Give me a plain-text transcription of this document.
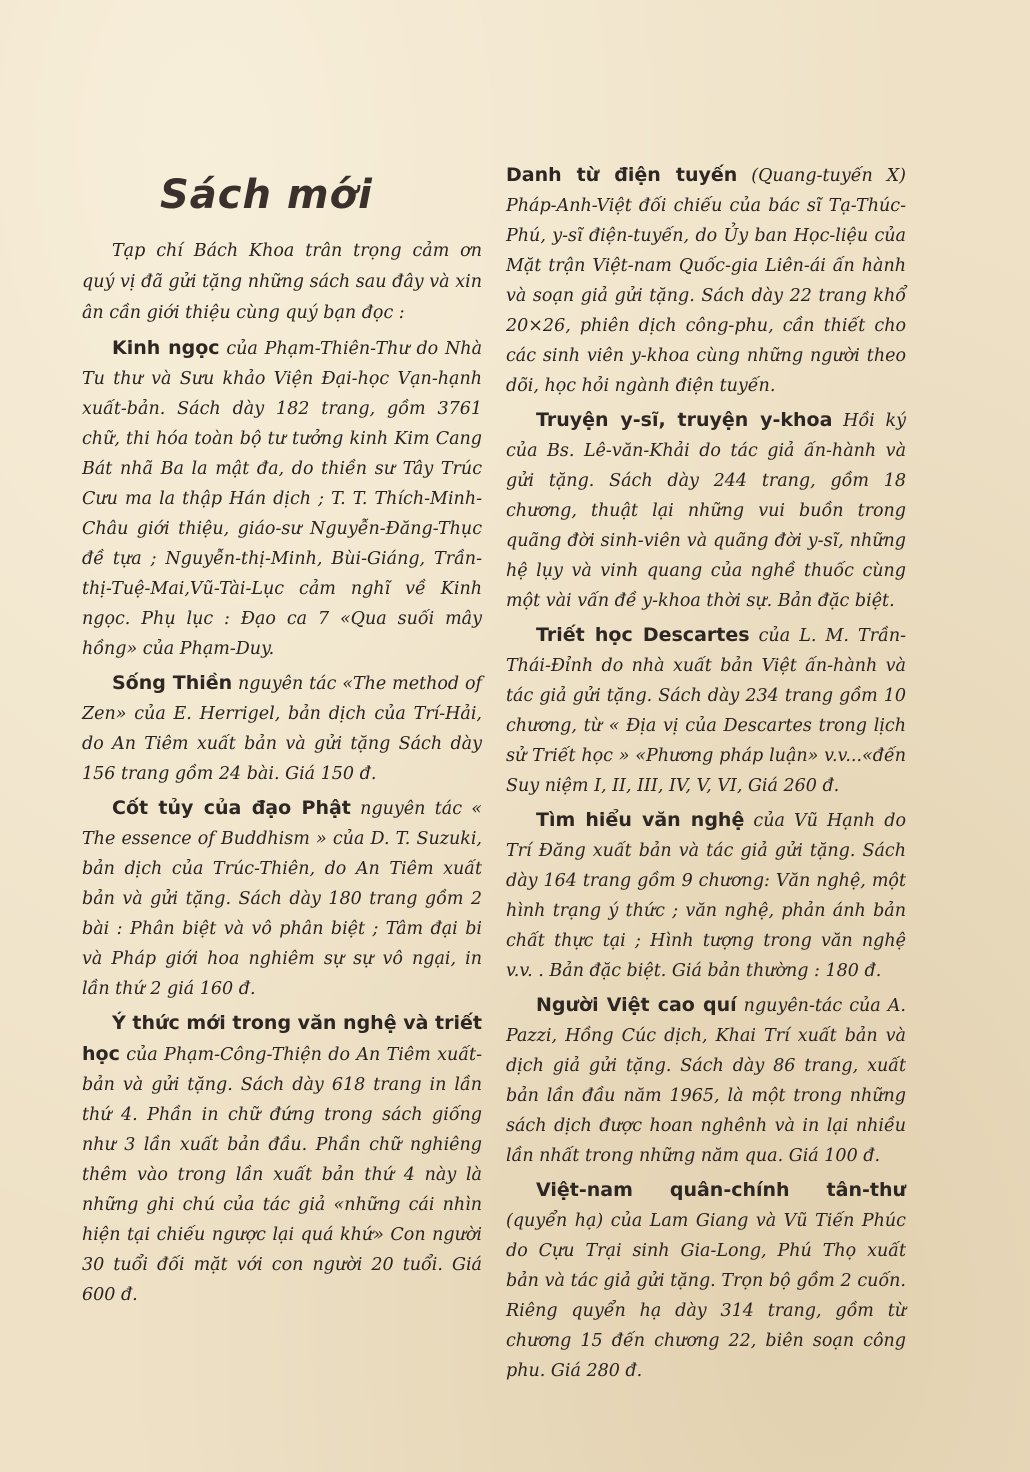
Sách mới

Tạp chí Bách Khoa trân trọng cảm ơn quý vị đã gửi tặng những sách sau đây và xin ân cần giới thiệu cùng quý bạn đọc :

Kinh ngọc của Phạm-Thiên-Thư do Nhà Tu thư và Sưu khảo Viện Đại-học Vạn-hạnh xuất-bản. Sách dày 182 trang, gồm 3761 chữ, thi hóa toàn bộ tư tưởng kinh Kim Cang Bát nhã Ba la mật đa, do thiền sư Tây Trúc Cưu ma la thập Hán dịch ; T. T. Thích-Minh-Châu giới thiệu, giáo-sư Nguyễn-Đăng-Thục đề tựa ; Nguyễn-thị-Minh, Bùi-Giáng, Trần-thị-Tuệ-Mai,Vũ-Tài-Lục cảm nghĩ về Kinh ngọc. Phụ lục : Đạo ca 7 «Qua suối mây hồng» của Phạm-Duy.

Sống Thiền nguyên tác «The method of Zen» của E. Herrigel, bản dịch của Trí-Hải, do An Tiêm xuất bản và gửi tặng Sách dày 156 trang gồm 24 bài. Giá 150 đ.

Cốt tủy của đạo Phật nguyên tác « The essence of Buddhism » của D. T. Suzuki, bản dịch của Trúc-Thiên, do An Tiêm xuất bản và gửi tặng. Sách dày 180 trang gồm 2 bài : Phân biệt và vô phân biệt ; Tâm đại bi và Pháp giới hoa nghiêm sự sự vô ngại, in lần thứ 2 giá 160 đ.

Ý thức mới trong văn nghệ và triết học của Phạm-Công-Thiện do An Tiêm xuất-bản và gửi tặng. Sách dày 618 trang in lần thứ 4. Phần in chữ đứng trong sách giống như 3 lần xuất bản đầu. Phần chữ nghiêng thêm vào trong lần xuất bản thứ 4 này là những ghi chú của tác giả «những cái nhìn hiện tại chiếu ngược lại quá khứ» Con người 30 tuổi đối mặt với con người 20 tuổi. Giá 600 đ.

Danh từ điện tuyến (Quang-tuyến X) Pháp-Anh-Việt đối chiếu của bác sĩ Tạ-Thúc-Phú, y-sĩ điện-tuyến, do Ủy ban Học-liệu của Mặt trận Việt-nam Quốc-gia Liên-ái ấn hành và soạn giả gửi tặng. Sách dày 22 trang khổ 20×26, phiên dịch công-phu, cần thiết cho các sinh viên y-khoa cùng những người theo dõi, học hỏi ngành điện tuyến.

Truyện y-sĩ, truyện y-khoa Hồi ký của Bs. Lê-văn-Khải do tác giả ấn-hành và gửi tặng. Sách dày 244 trang, gồm 18 chương, thuật lại những vui buồn trong quãng đời sinh-viên và quãng đời y-sĩ, những hệ lụy và vinh quang của nghề thuốc cùng một vài vấn đề y-khoa thời sự. Bản đặc biệt.

Triết học Descartes của L. M. Trần-Thái-Đỉnh do nhà xuất bản Việt ấn-hành và tác giả gửi tặng. Sách dày 234 trang gồm 10 chương, từ « Địa vị của Descartes trong lịch sử Triết học » «Phương pháp luận» v.v...«đến Suy niệm I, II, III, IV, V, VI, Giá 260 đ.

Tìm hiểu văn nghệ của Vũ Hạnh do Trí Đăng xuất bản và tác giả gửi tặng. Sách dày 164 trang gồm 9 chương: Văn nghệ, một hình trạng ý thức ; văn nghệ, phản ánh bản chất thực tại ; Hình tượng trong văn nghệ v.v. . Bản đặc biệt. Giá bản thường : 180 đ.

Người Việt cao quí nguyên-tác của A. Pazzi, Hồng Cúc dịch, Khai Trí xuất bản và dịch giả gửi tặng. Sách dày 86 trang, xuất bản lần đầu năm 1965, là một trong những sách dịch được hoan nghênh và in lại nhiều lần nhất trong những năm qua. Giá 100 đ.

Việt-nam quân-chính tân-thư (quyển hạ) của Lam Giang và Vũ Tiến Phúc do Cựu Trại sinh Gia-Long, Phú Thọ xuất bản và tác giả gửi tặng. Trọn bộ gồm 2 cuốn. Riêng quyển hạ dày 314 trang, gồm từ chương 15 đến chương 22, biên soạn công phu. Giá 280 đ.
